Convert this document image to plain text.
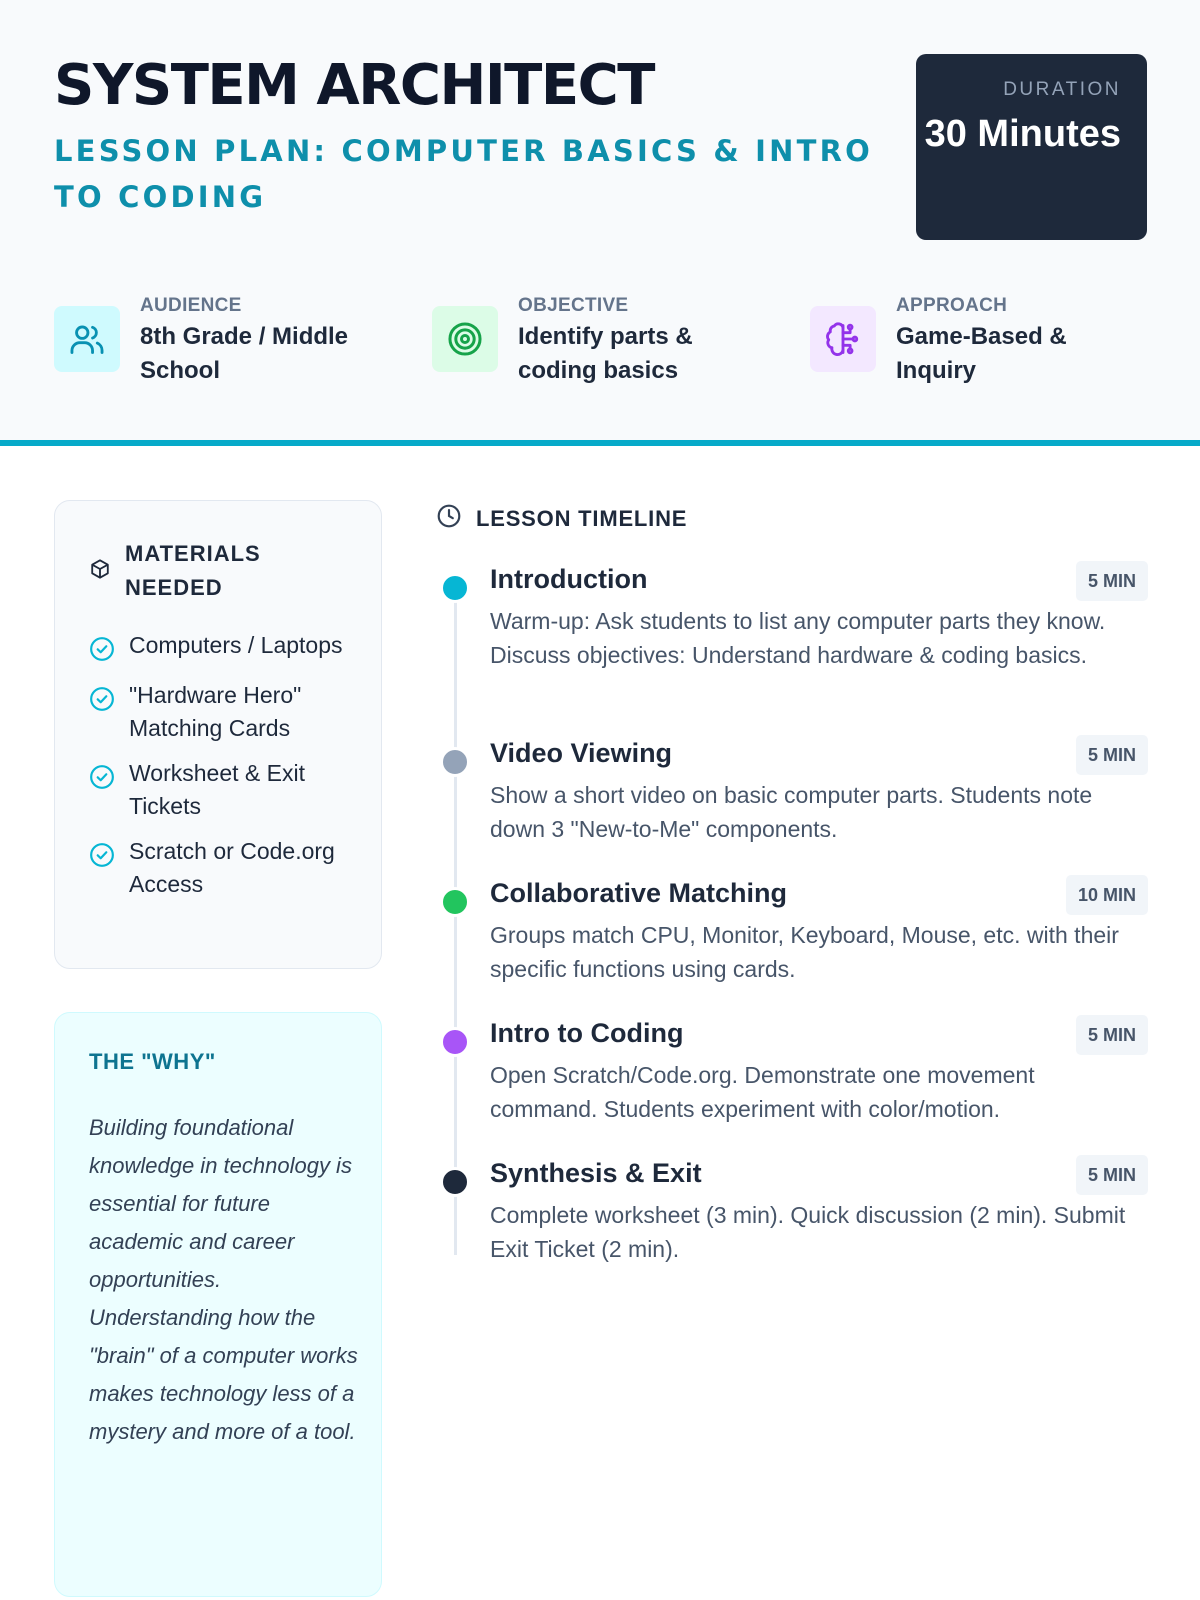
SYSTEM ARCHITECT
LESSON PLAN: COMPUTER BASICS & INTRO TO CODING
DURATION
30 Minutes
AUDIENCE
8th Grade / Middle School
OBJECTIVE
Identify parts & coding basics
APPROACH
Game-Based & Inquiry
MATERIALS NEEDED
Computers / Laptops
"Hardware Hero" Matching Cards
Worksheet & Exit Tickets
Scratch or Code.org Access
THE "WHY"

Building foundational knowledge in technology is essential for future academic and career opportunities. Understanding how the "brain" of a computer works makes technology less of a mystery and more of a tool.

LESSON TIMELINE
Introduction	5 MIN
Warm-up: Ask students to list any computer parts they know. Discuss objectives: Understand hardware & coding basics.
Video Viewing	5 MIN
Show a short video on basic computer parts. Students note down 3 "New-to-Me" components.
Collaborative Matching	10 MIN
Groups match CPU, Monitor, Keyboard, Mouse, etc. with their specific functions using cards.
Intro to Coding	5 MIN
Open Scratch/Code.org. Demonstrate one movement command. Students experiment with color/motion.
Synthesis & Exit	5 MIN
Complete worksheet (3 min). Quick discussion (2 min). Submit Exit Ticket (2 min).
